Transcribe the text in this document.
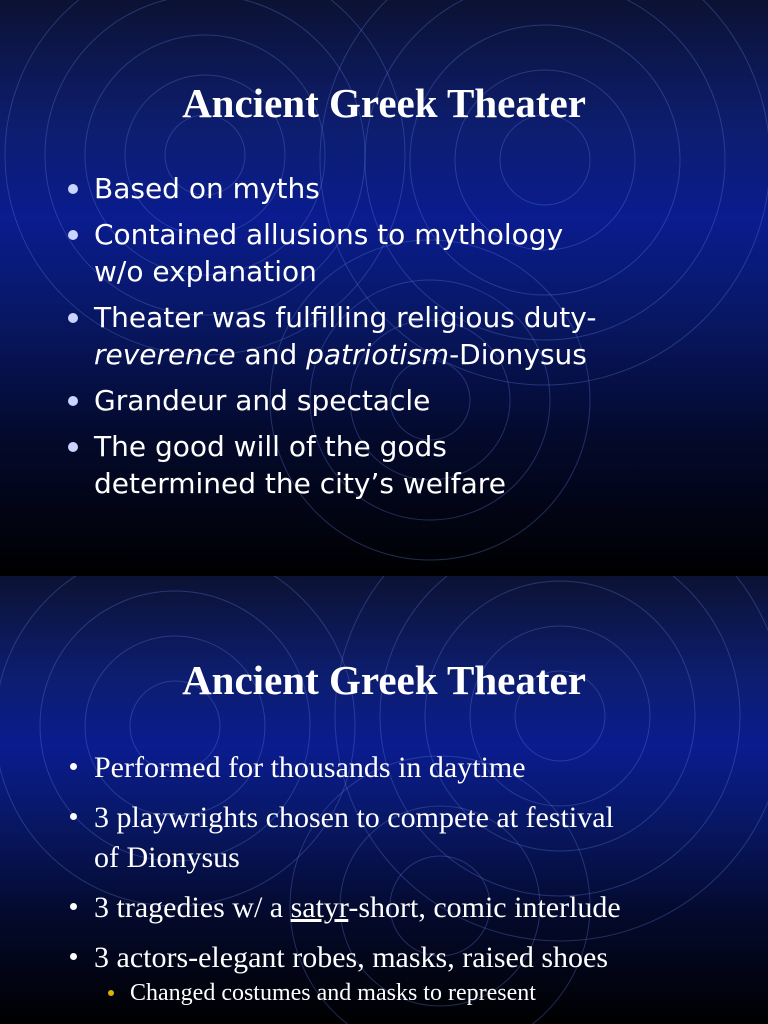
Ancient Greek Theater
Based on myths
Contained allusions to mythology
w/o explanation
Theater was fulfilling religious duty-
reverence and patriotism-Dionysus
Grandeur and spectacle
The good will of the gods
determined the city’s welfare
Ancient Greek Theater
Performed for thousands in daytime
3 playwrights chosen to compete at festival
of Dionysus
3 tragedies w/ a satyr-short, comic interlude
3 actors-elegant robes, masks, raised shoes
Changed costumes and masks to represent
